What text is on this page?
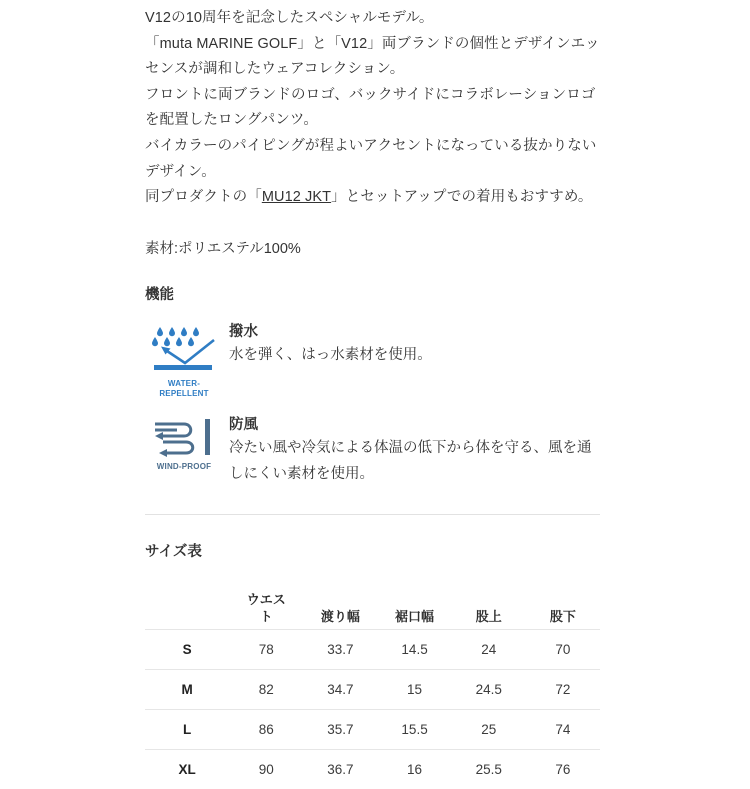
V12の10周年を記念したスペシャルモデル。
「muta MARINE GOLF」と「V12」両ブランドの個性とデザインエッセンスが調和したウェアコレクション。
フロントに両ブランドのロゴ、バックサイドにコラボレーションロゴを配置したロングパンツ。
バイカラーのパイピングが程よいアクセントになっている抜かりないデザイン。
同プロダクトの「MU12 JKT」とセットアップでの着用もおすすめ。

素材:ポリエステル100%

機能

WATER-
REPELLENT

撥水

水を弾く、はっ水素材を使用。

WIND-PROOF

防風

冷たい風や冷気による体温の低下から体を守る、風を通しにくい素材を使用。

サイズ表

	ウエスト	渡り幅	裾口幅	股上	股下
S	78	33.7	14.5	24	70
M	82	34.7	15	24.5	72
L	86	35.7	15.5	25	74
XL	90	36.7	16	25.5	76
